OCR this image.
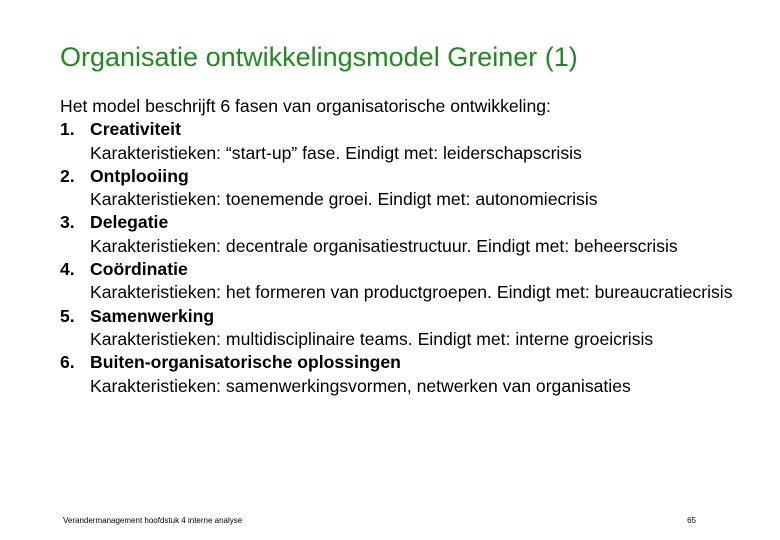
Organisatie ontwikkelingsmodel Greiner (1)

Het model beschrijft 6 fasen van organisatorische ontwikkeling:

1. Creativiteit
Karakteristieken: “start-up” fase. Eindigt met: leiderschapscrisis
2. Ontplooiing
Karakteristieken: toenemende groei. Eindigt met: autonomiecrisis
3. Delegatie
Karakteristieken: decentrale organisatiestructuur. Eindigt met: beheerscrisis
4. Coördinatie
Karakteristieken: het formeren van productgroepen. Eindigt met: bureaucratiecrisis
5. Samenwerking
Karakteristieken: multidisciplinaire teams. Eindigt met: interne groeicrisis
6. Buiten-organisatorische oplossingen
Karakteristieken: samenwerkingsvormen, netwerken van organisaties
Verandermanagement hoofdstuk 4 interne analyse	65
